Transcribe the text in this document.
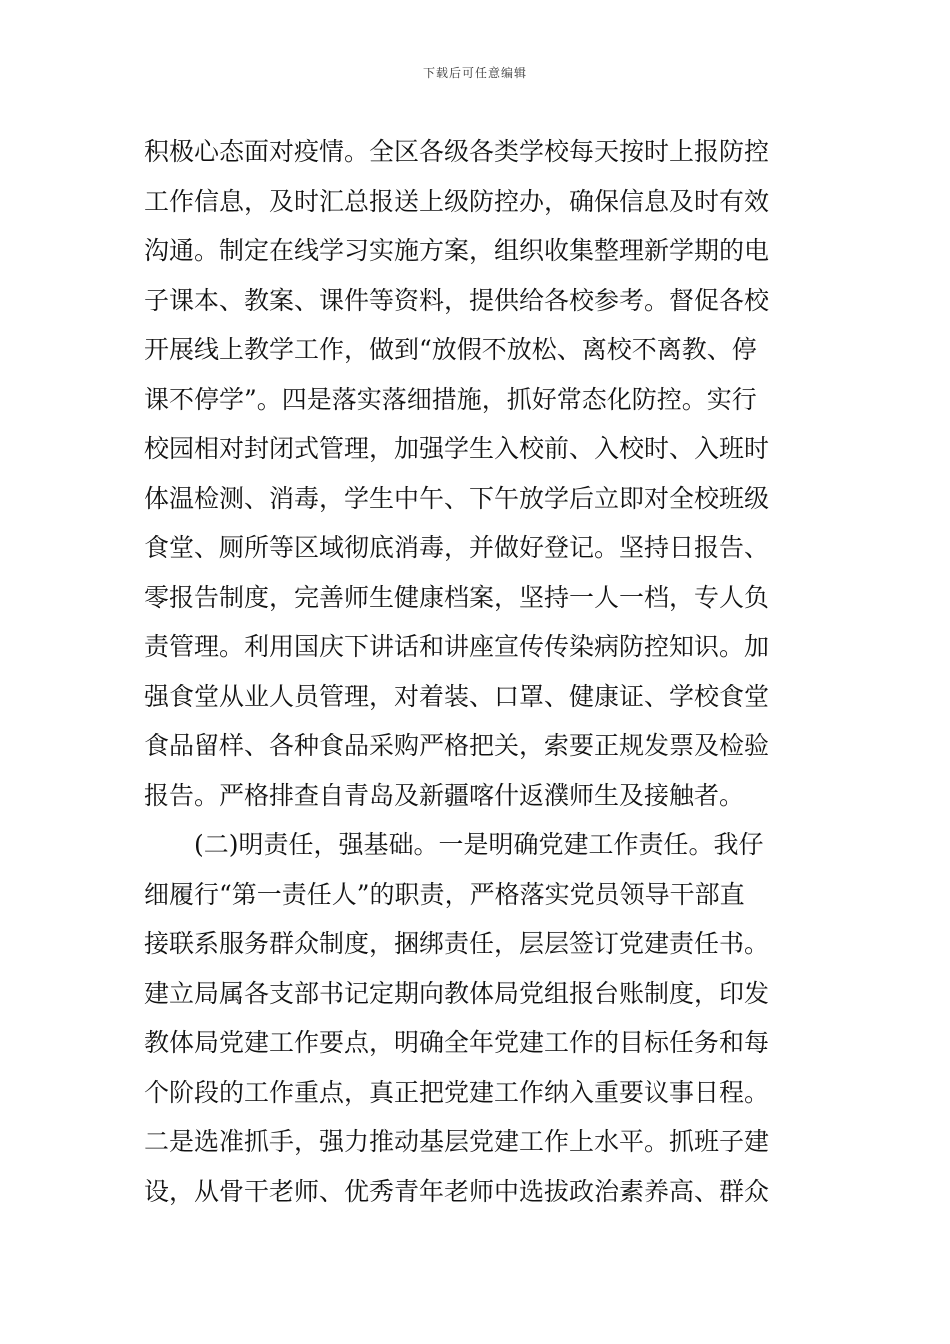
下载后可任意编辑
积极心态面对疫情。全区各级各类学校每天按时上报防控
工作信息，及时汇总报送上级防控办，确保信息及时有效
沟通。制定在线学习实施方案，组织收集整理新学期的电
子课本、教案、课件等资料，提供给各校参考。督促各校
开展线上教学工作，做到“放假不放松、离校不离教、停
课不停学”。四是落实落细措施，抓好常态化防控。实行
校园相对封闭式管理，加强学生入校前、入校时、入班时
体温检测、消毒，学生中午、下午放学后立即对全校班级
食堂、厕所等区域彻底消毒，并做好登记。坚持日报告、
零报告制度，完善师生健康档案，坚持一人一档，专人负
责管理。利用国庆下讲话和讲座宣传传染病防控知识。加
强食堂从业人员管理，对着装、口罩、健康证、学校食堂
食品留样、各种食品采购严格把关，索要正规发票及检验
报告。严格排查自青岛及新疆喀什返濮师生及接触者。
(二)明责任，强基础。一是明确党建工作责任。我仔
细履行“第一责任人”的职责，严格落实党员领导干部直
接联系服务群众制度，捆绑责任，层层签订党建责任书。
建立局属各支部书记定期向教体局党组报台账制度，印发
教体局党建工作要点，明确全年党建工作的目标任务和每
个阶段的工作重点，真正把党建工作纳入重要议事日程。
二是选准抓手，强力推动基层党建工作上水平。抓班子建
设，从骨干老师、优秀青年老师中选拔政治素养高、群众
